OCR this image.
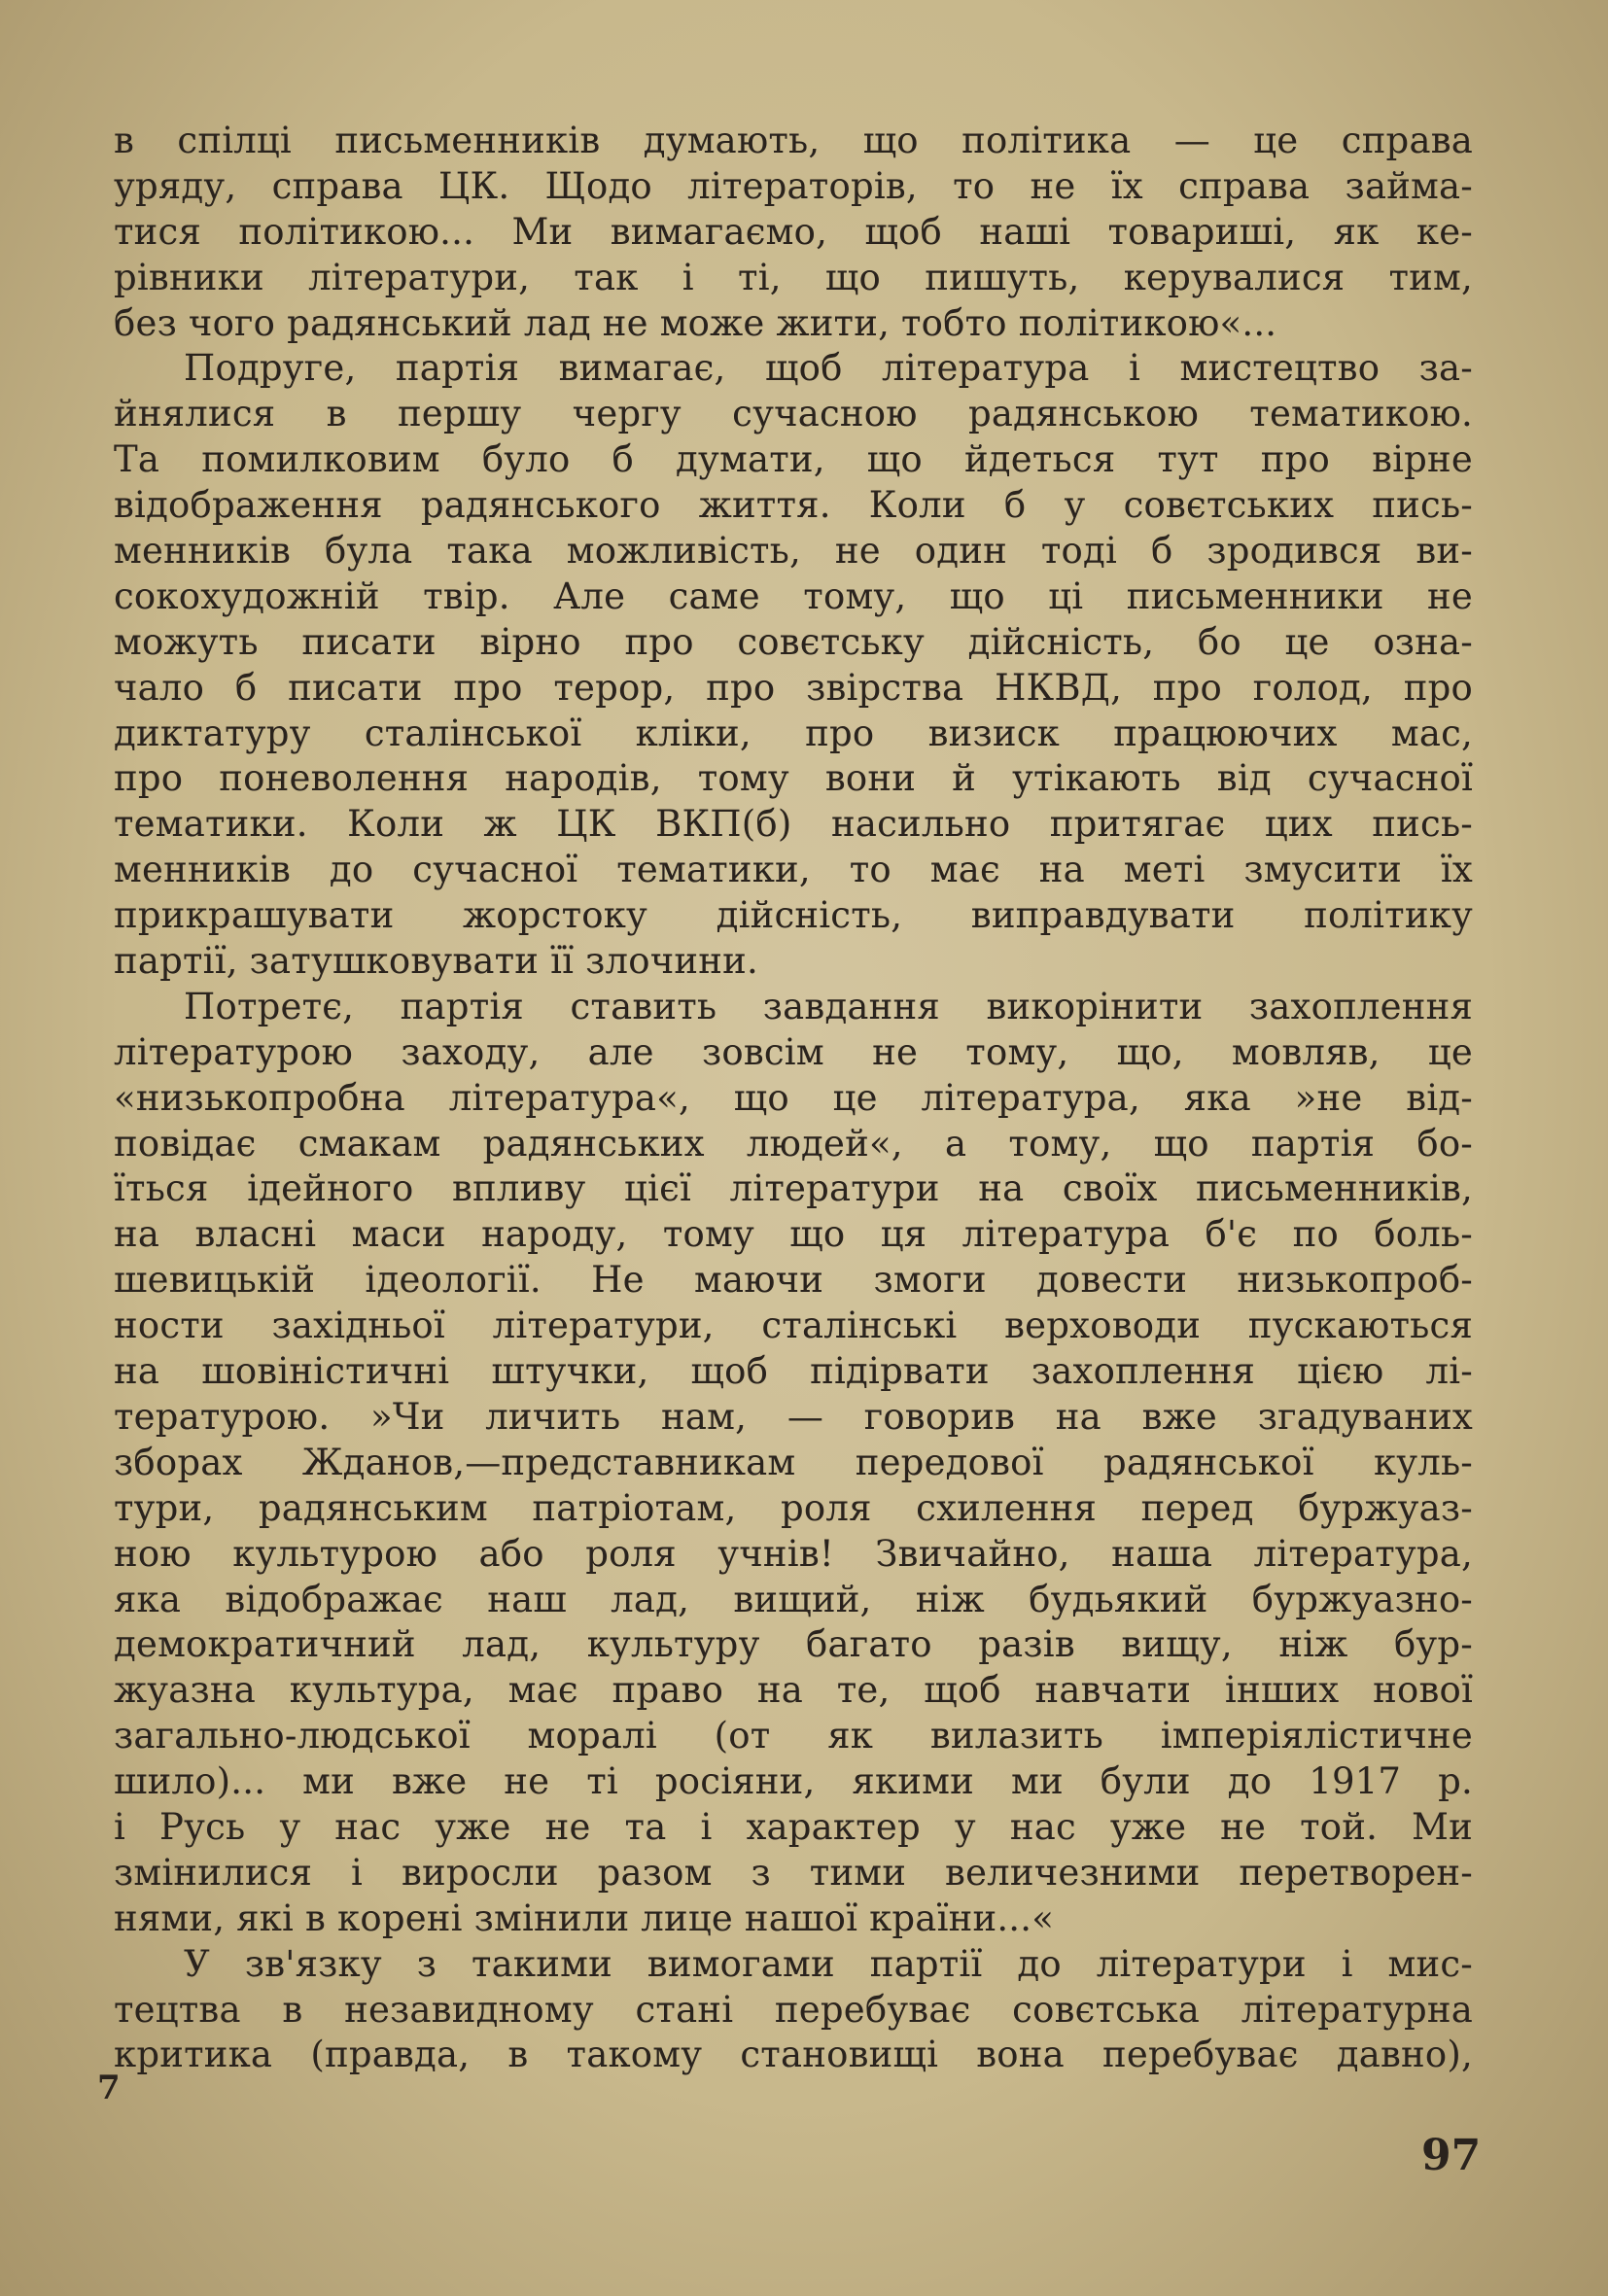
в спілці письменників думають, що політика — це справа
уряду, справа ЦК. Щодо літераторів, то не їх справа займа-
тися політикою... Ми вимагаємо, щоб наші товариші, як ке-
рівники літератури, так і ті, що пишуть, керувалися тим,
без чого радянський лад не може жити, тобто політикою«...
Подруге, партія вимагає, щоб література і мистецтво за-
йнялися в першу чергу сучасною радянською тематикою.
Та помилковим було б думати, що йдеться тут про вірне
відображення радянського життя. Коли б у совєтських пись-
менників була така можливість, не один тоді б зродився ви-
сокохудожній твір. Але саме тому, що ці письменники не
можуть писати вірно про совєтську дійсність, бо це озна-
чало б писати про терор, про звірства НКВД, про голод, про
диктатуру сталінської кліки, про визиск працюючих мас,
про поневолення народів, тому вони й утікають від сучасної
тематики. Коли ж ЦК ВКП(б) насильно притягає цих пись-
менників до сучасної тематики, то має на меті змусити їх
прикрашувати жорстоку дійсність, виправдувати політику
партії, затушковувати її злочини.
Потретє, партія ставить завдання викорінити захоплення
літературою заходу, але зовсім не тому, що, мовляв, це
«низькопробна література«, що це література, яка »не від-
повідає смакам радянських людей«, а тому, що партія бо-
їться ідейного впливу цієї літератури на своїх письменників,
на власні маси народу, тому що ця література б'є по боль-
шевицькій ідеології. Не маючи змоги довести низькопроб-
ности західньої літератури, сталінські верховоди пускаються
на шовіністичні штучки, щоб підірвати захоплення цією лі-
тературою. »Чи личить нам, — говорив на вже згадуваних
зборах Жданов,—представникам передової радянської куль-
тури, радянським патріотам, роля схилення перед буржуаз-
ною культурою або роля учнів! Звичайно, наша література,
яка відображає наш лад, вищий, ніж будьякий буржуазно-
демократичний лад, культуру багато разів вищу, ніж бур-
жуазна культура, має право на те, щоб навчати інших нової
загально-людської моралі (от як вилазить імперіялістичне
шило)... ми вже не ті росіяни, якими ми були до 1917 р.
і Русь у нас уже не та і характер у нас уже не той. Ми
змінилися і виросли разом з тими величезними перетворен-
нями, які в корені змінили лице нашої країни...«
У зв'язку з такими вимогами партії до літератури і мис-
тецтва в незавидному стані перебуває совєтська літературна
критика (правда, в такому становищі вона перебуває давно),
7
97
